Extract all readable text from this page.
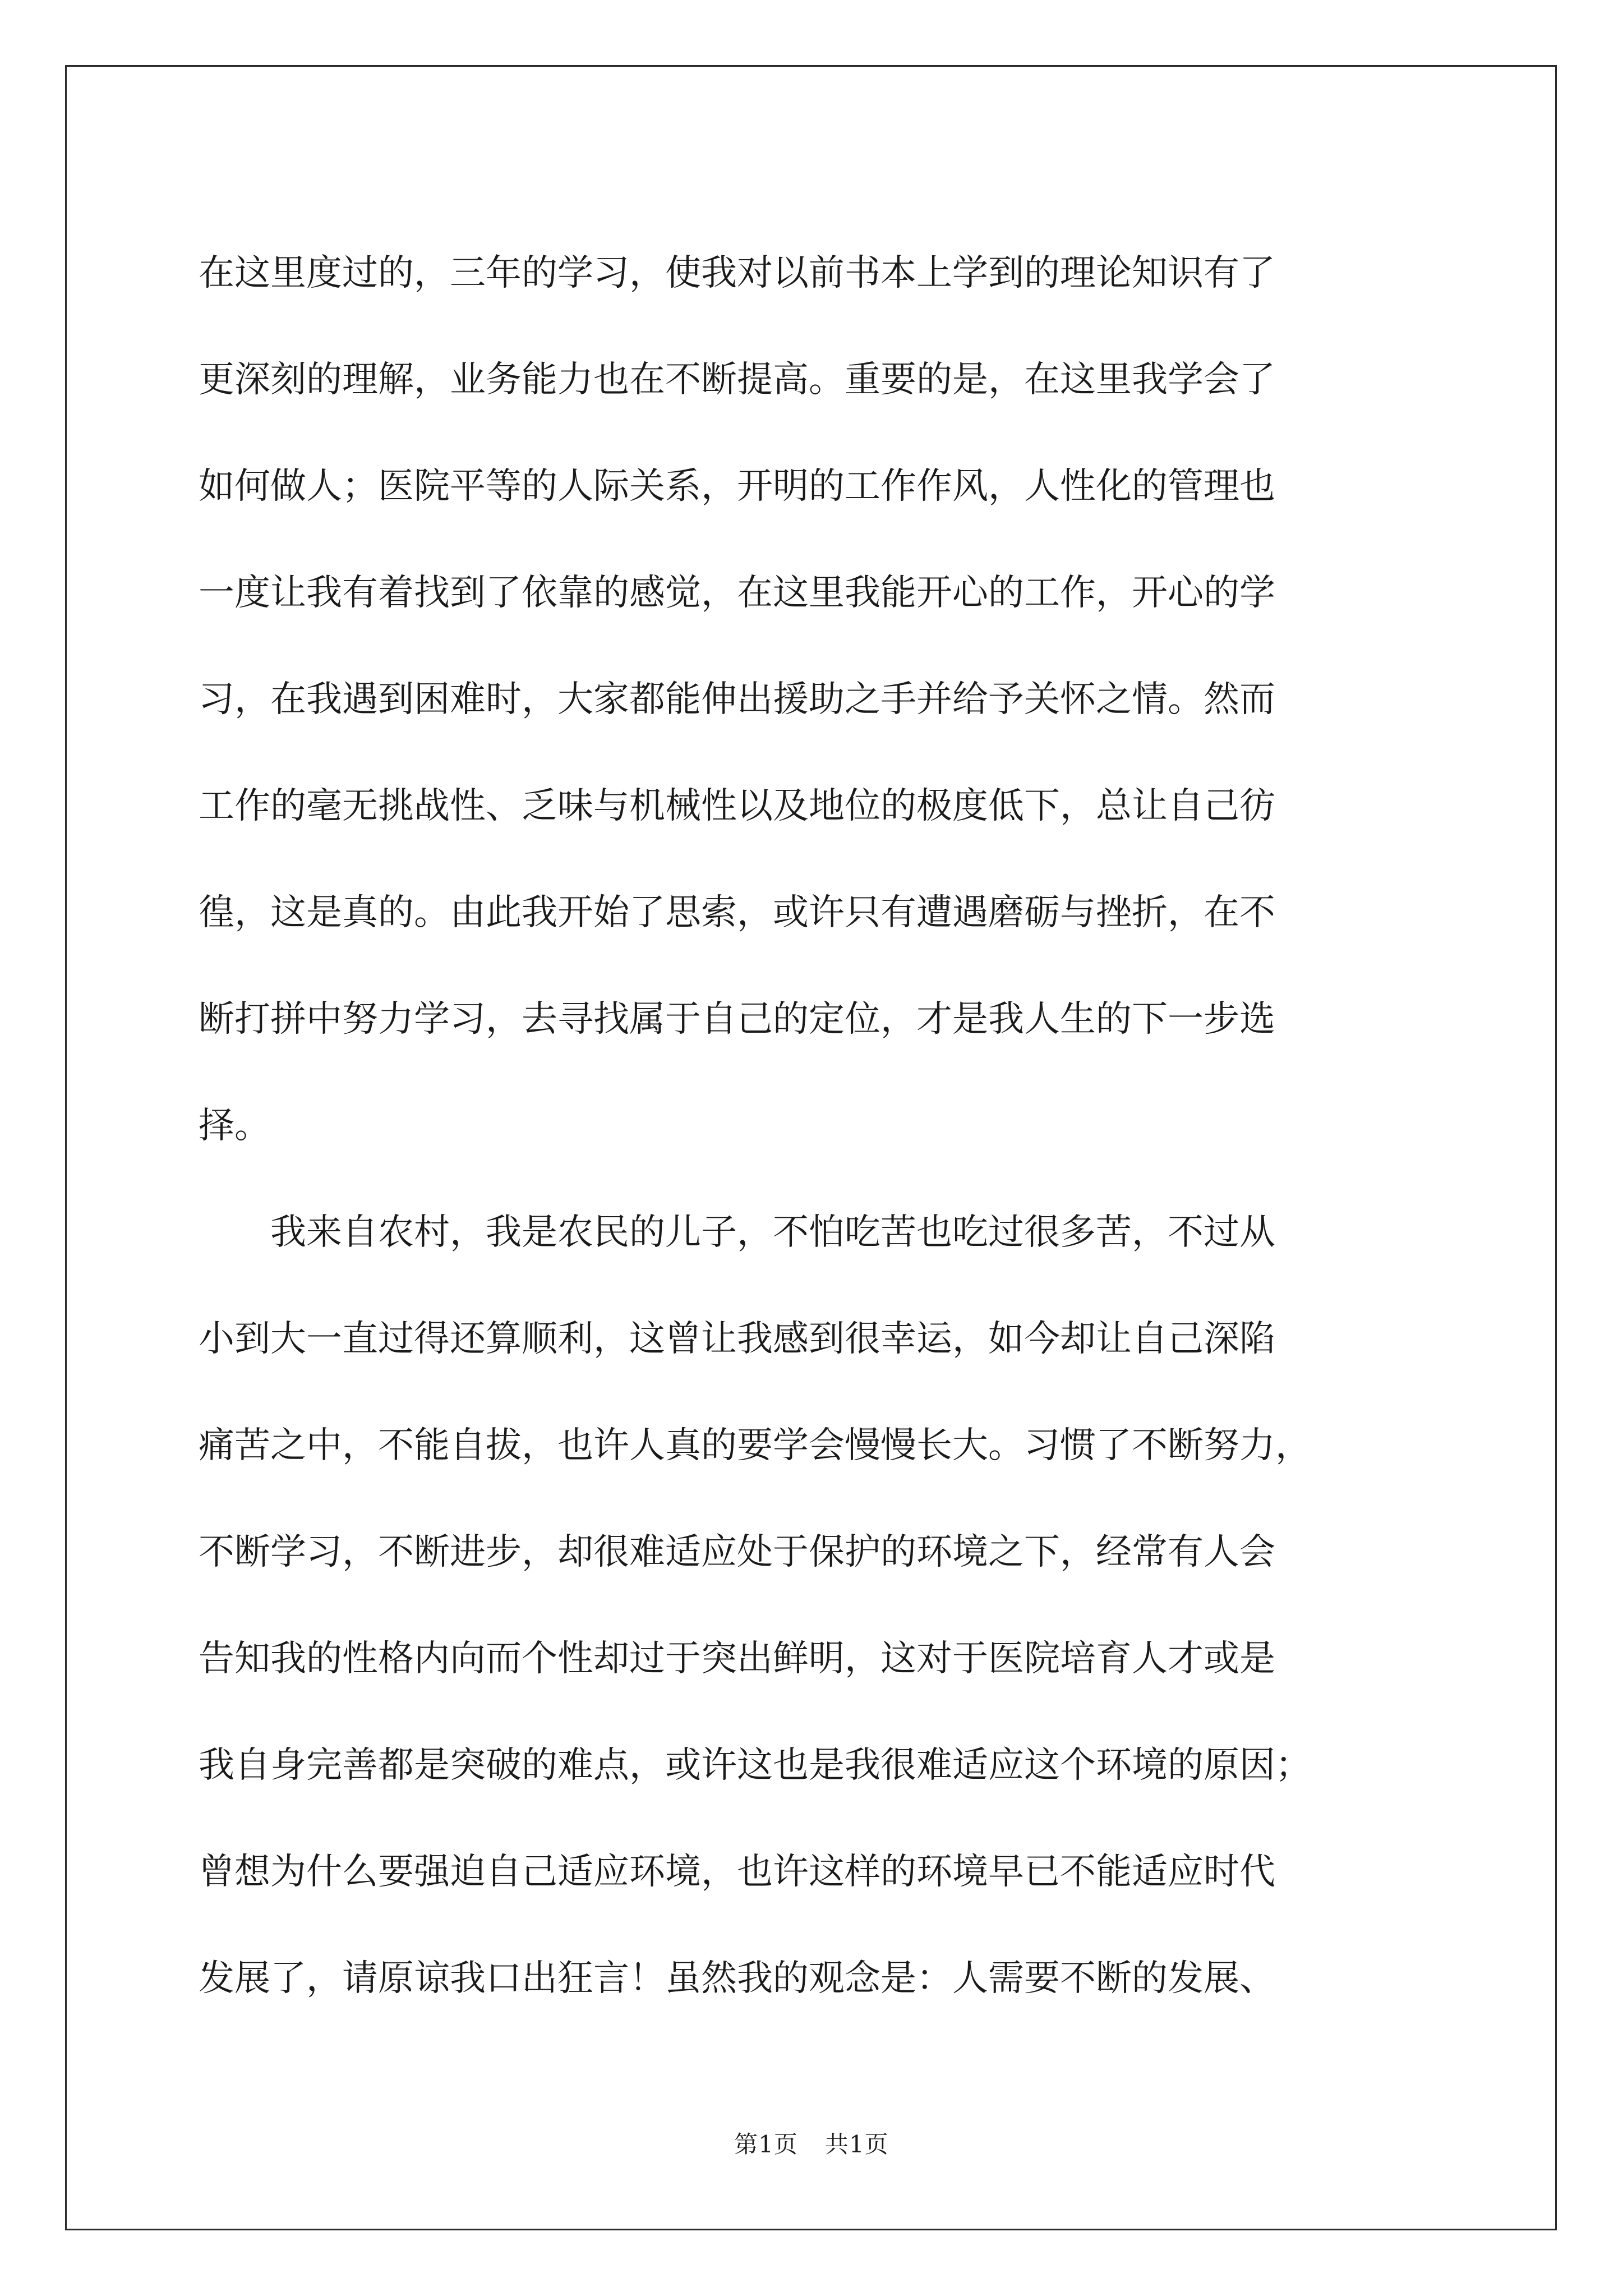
在这里度过的，三年的学习，使我对以前书本上学到的理论知识有了
更深刻的理解，业务能力也在不断提高。重要的是，在这里我学会了
如何做人；医院平等的人际关系，开明的工作作风，人性化的管理也
一度让我有着找到了依靠的感觉，在这里我能开心的工作，开心的学
习，在我遇到困难时，大家都能伸出援助之手并给予关怀之情。然而
工作的毫无挑战性、乏味与机械性以及地位的极度低下，总让自己彷
徨，这是真的。由此我开始了思索，或许只有遭遇磨砺与挫折，在不
断打拼中努力学习，去寻找属于自己的定位，才是我人生的下一步选
择。
我来自农村，我是农民的儿子，不怕吃苦也吃过很多苦，不过从
小到大一直过得还算顺利，这曾让我感到很幸运，如今却让自己深陷
痛苦之中，不能自拔，也许人真的要学会慢慢长大。习惯了不断努力，
不断学习，不断进步，却很难适应处于保护的环境之下，经常有人会
告知我的性格内向而个性却过于突出鲜明，这对于医院培育人才或是
我自身完善都是突破的难点，或许这也是我很难适应这个环境的原因；
曾想为什么要强迫自己适应环境，也许这样的环境早已不能适应时代
发展了，请原谅我口出狂言！虽然我的观念是：人需要不断的发展、
第1页 共1页
